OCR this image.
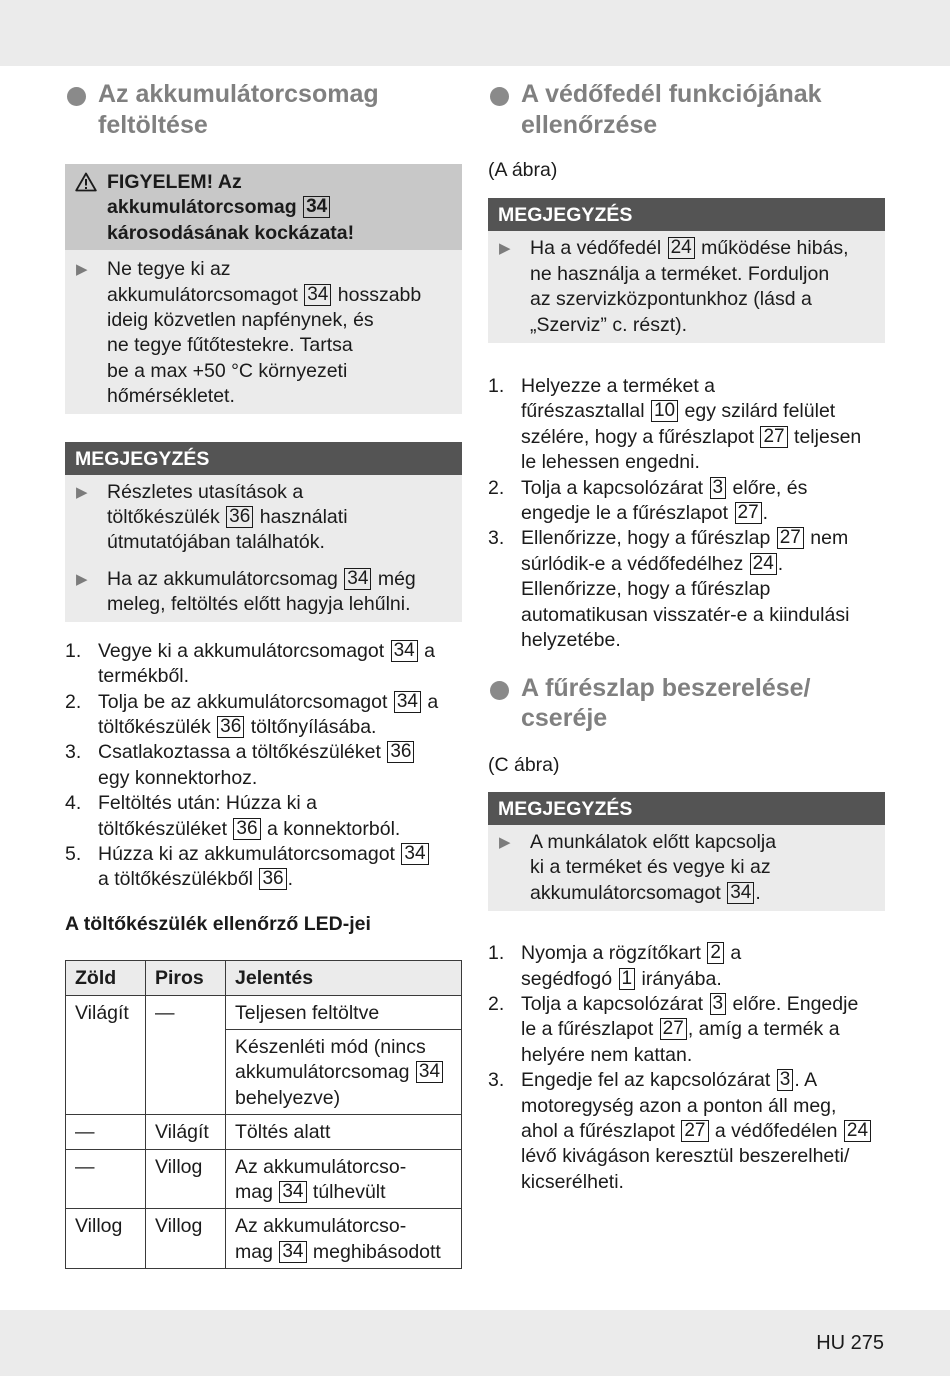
Az akkumulátorcsomag feltöltése
FIGYELEM! Az
akkumulátorcsomag 34
károsodásának kockázata!
▶ Ne tegye ki az
akkumulátorcsomagot 34 hosszabb
ideig közvetlen napfénynek, és
ne tegye fűtőtestekre. Tartsa
be a max +50 °C környezeti
hőmérsékletet.
MEGJEGYZÉS
▶ Részletes utasítások a
töltőkészülék 36 használati
útmutatójában találhatók.
▶ Ha az akkumulátorcsomag 34 még
meleg, feltöltés előtt hagyja lehűlni.
1. Vegye ki a akkumulátorcsomagot 34 a
termékből.
2. Tolja be az akkumulátorcsomagot 34 a
töltőkészülék 36 töltőnyílásába.
3. Csatlakoztassa a töltőkészüléket 36
egy konnektorhoz.
4. Feltöltés után: Húzza ki a
töltőkészüléket 36 a konnektorból.
5. Húzza ki az akkumulátorcsomagot 34
a töltőkészülékből 36 .
A töltőkészülék ellenőrző LED-jei
Zöld	Piros	Jelentés
Világít	—	Teljesen feltöltve
		Készenléti mód (nincs
akkumulátorcsomag 34
behelyezve)
—	Világít	Töltés alatt
—	Villog	Az akkumulátorcso-
mag 34 túlhevült
Villog	Villog	Az akkumulátorcso-
mag 34 meghibásodott
A védőfedél funkciójának ellenőrzése
(A ábra)
MEGJEGYZÉS
▶ Ha a védőfedél 24 működése hibás,
ne használja a terméket. Forduljon
az szervizközpontunkhoz (lásd a
„Szerviz” c. részt).
1. Helyezze a terméket a
fűrészasztallal 10 egy szilárd felület
szélére, hogy a fűrészlapot 27 teljesen
le lehessen engedni.
2. Tolja a kapcsolózárat 3 előre, és
engedje le a fűrészlapot 27 .
3. Ellenőrizze, hogy a fűrészlap 27 nem
súrlódik-e a védőfedélhez 24 .
Ellenőrizze, hogy a fűrészlap
automatikusan visszatér-e a kiindulási
helyzetébe.
A fűrészlap beszerelése/ cseréje
(C ábra)
MEGJEGYZÉS
▶ A munkálatok előtt kapcsolja
ki a terméket és vegye ki az
akkumulátorcsomagot 34 .
1. Nyomja a rögzítőkart 2 a
segédfogó 1 irányába.
2. Tolja a kapcsolózárat 3 előre. Engedje
le a fűrészlapot 27 , amíg a termék a
helyére nem kattan.
3. Engedje fel az kapcsolózárat 3 . A
motoregység azon a ponton áll meg,
ahol a fűrészlapot 27 a védőfedélen 24
lévő kivágáson keresztül beszerelheti/
kicserélheti.
HU 275
